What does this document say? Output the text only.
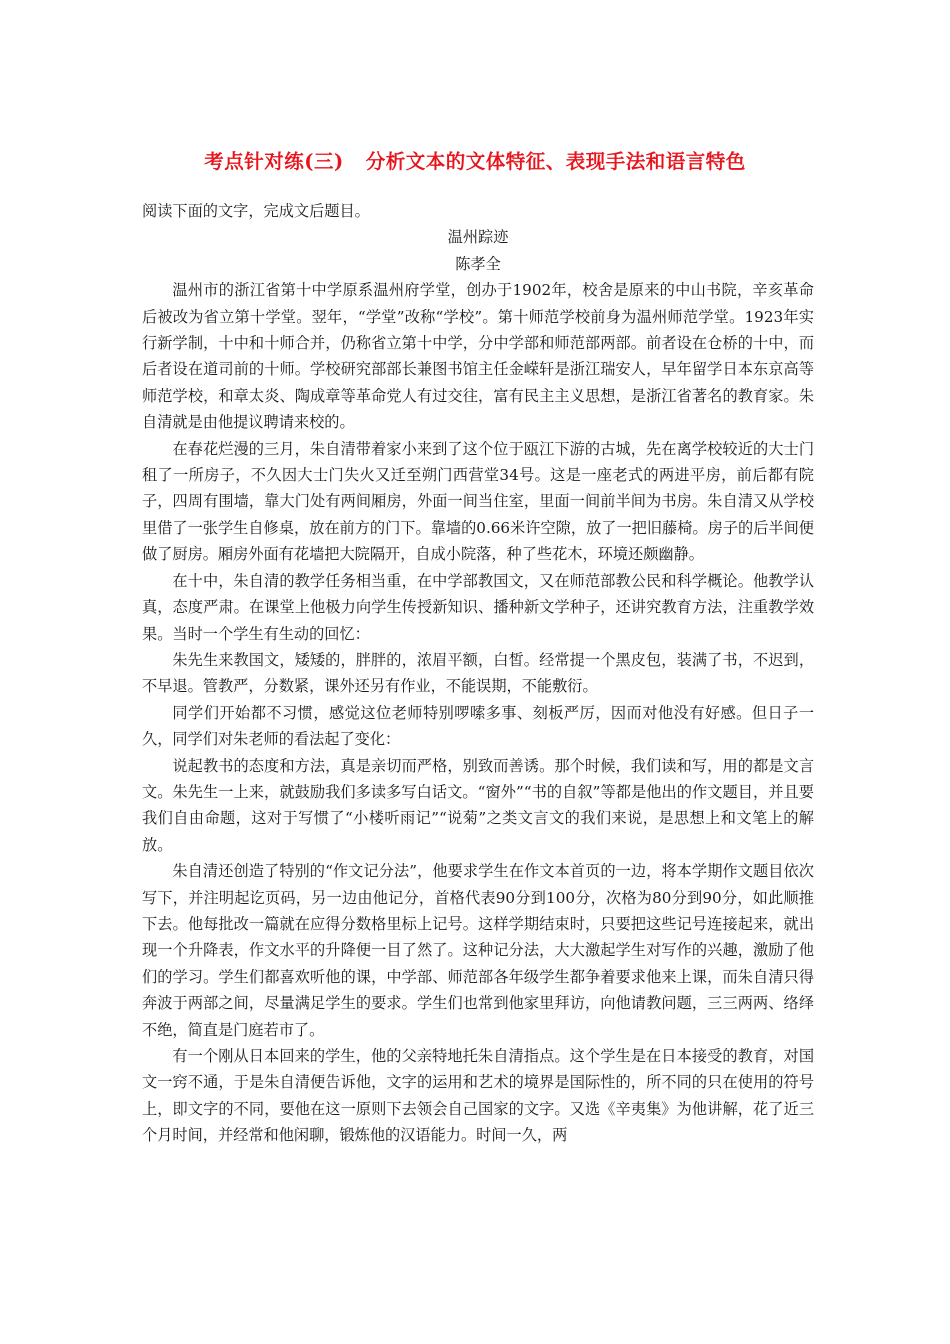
考点针对练(三) 分析文本的文体特征、表现手法和语言特色

阅读下面的文字，完成文后题目。

温州踪迹

陈孝全

温州市的浙江省第十中学原系温州府学堂，创办于1902年，校舍是原来的中山书院，辛亥革命后被改为省立第十学堂。翌年，“学堂”改称“学校”。第十师范学校前身为温州师范学堂。1923年实行新学制，十中和十师合并，仍称省立第十中学，分中学部和师范部两部。前者设在仓桥的十中，而后者设在道司前的十师。学校研究部部长兼图书馆主任金嵘轩是浙江瑞安人，早年留学日本东京高等师范学校，和章太炎、陶成章等革命党人有过交往，富有民主主义思想，是浙江省著名的教育家。朱自清就是由他提议聘请来校的。

在春花烂漫的三月，朱自清带着家小来到了这个位于瓯江下游的古城，先在离学校较近的大士门租了一所房子，不久因大士门失火又迁至朔门西营堂34号。这是一座老式的两进平房，前后都有院子，四周有围墙，靠大门处有两间厢房，外面一间当住室，里面一间前半间为书房。朱自清又从学校里借了一张学生自修桌，放在前方的门下。靠墙的0.66米许空隙，放了一把旧藤椅。房子的后半间便做了厨房。厢房外面有花墙把大院隔开，自成小院落，种了些花木，环境还颇幽静。

在十中，朱自清的教学任务相当重，在中学部教国文，又在师范部教公民和科学概论。他教学认真，态度严肃。在课堂上他极力向学生传授新知识、播种新文学种子，还讲究教育方法，注重教学效果。当时一个学生有生动的回忆：

朱先生来教国文，矮矮的，胖胖的，浓眉平额，白皙。经常提一个黑皮包，装满了书，不迟到，不早退。管教严，分数紧，课外还另有作业，不能误期，不能敷衍。

同学们开始都不习惯，感觉这位老师特别啰嗦多事、刻板严厉，因而对他没有好感。但日子一久，同学们对朱老师的看法起了变化：

说起教书的态度和方法，真是亲切而严格，别致而善诱。那个时候，我们读和写，用的都是文言文。朱先生一上来，就鼓励我们多读多写白话文。“窗外”“书的自叙”等都是他出的作文题目，并且要我们自由命题，这对于写惯了“小楼听雨记”“说菊”之类文言文的我们来说，是思想上和文笔上的解放。

朱自清还创造了特别的“作文记分法”，他要求学生在作文本首页的一边，将本学期作文题目依次写下，并注明起讫页码，另一边由他记分，首格代表90分到100分，次格为80分到90分，如此顺推下去。他每批改一篇就在应得分数格里标上记号。这样学期结束时，只要把这些记号连接起来，就出现一个升降表，作文水平的升降便一目了然了。这种记分法，大大激起学生对写作的兴趣，激励了他们的学习。学生们都喜欢听他的课，中学部、师范部各年级学生都争着要求他来上课，而朱自清只得奔波于两部之间，尽量满足学生的要求。学生们也常到他家里拜访，向他请教问题，三三两两、络绎不绝，简直是门庭若市了。

有一个刚从日本回来的学生，他的父亲特地托朱自清指点。这个学生是在日本接受的教育，对国文一窍不通，于是朱自清便告诉他，文字的运用和艺术的境界是国际性的，所不同的只在使用的符号上，即文字的不同，要他在这一原则下去领会自己国家的文字。又选《辛夷集》为他讲解，花了近三个月时间，并经常和他闲聊，锻炼他的汉语能力。时间一久，两
